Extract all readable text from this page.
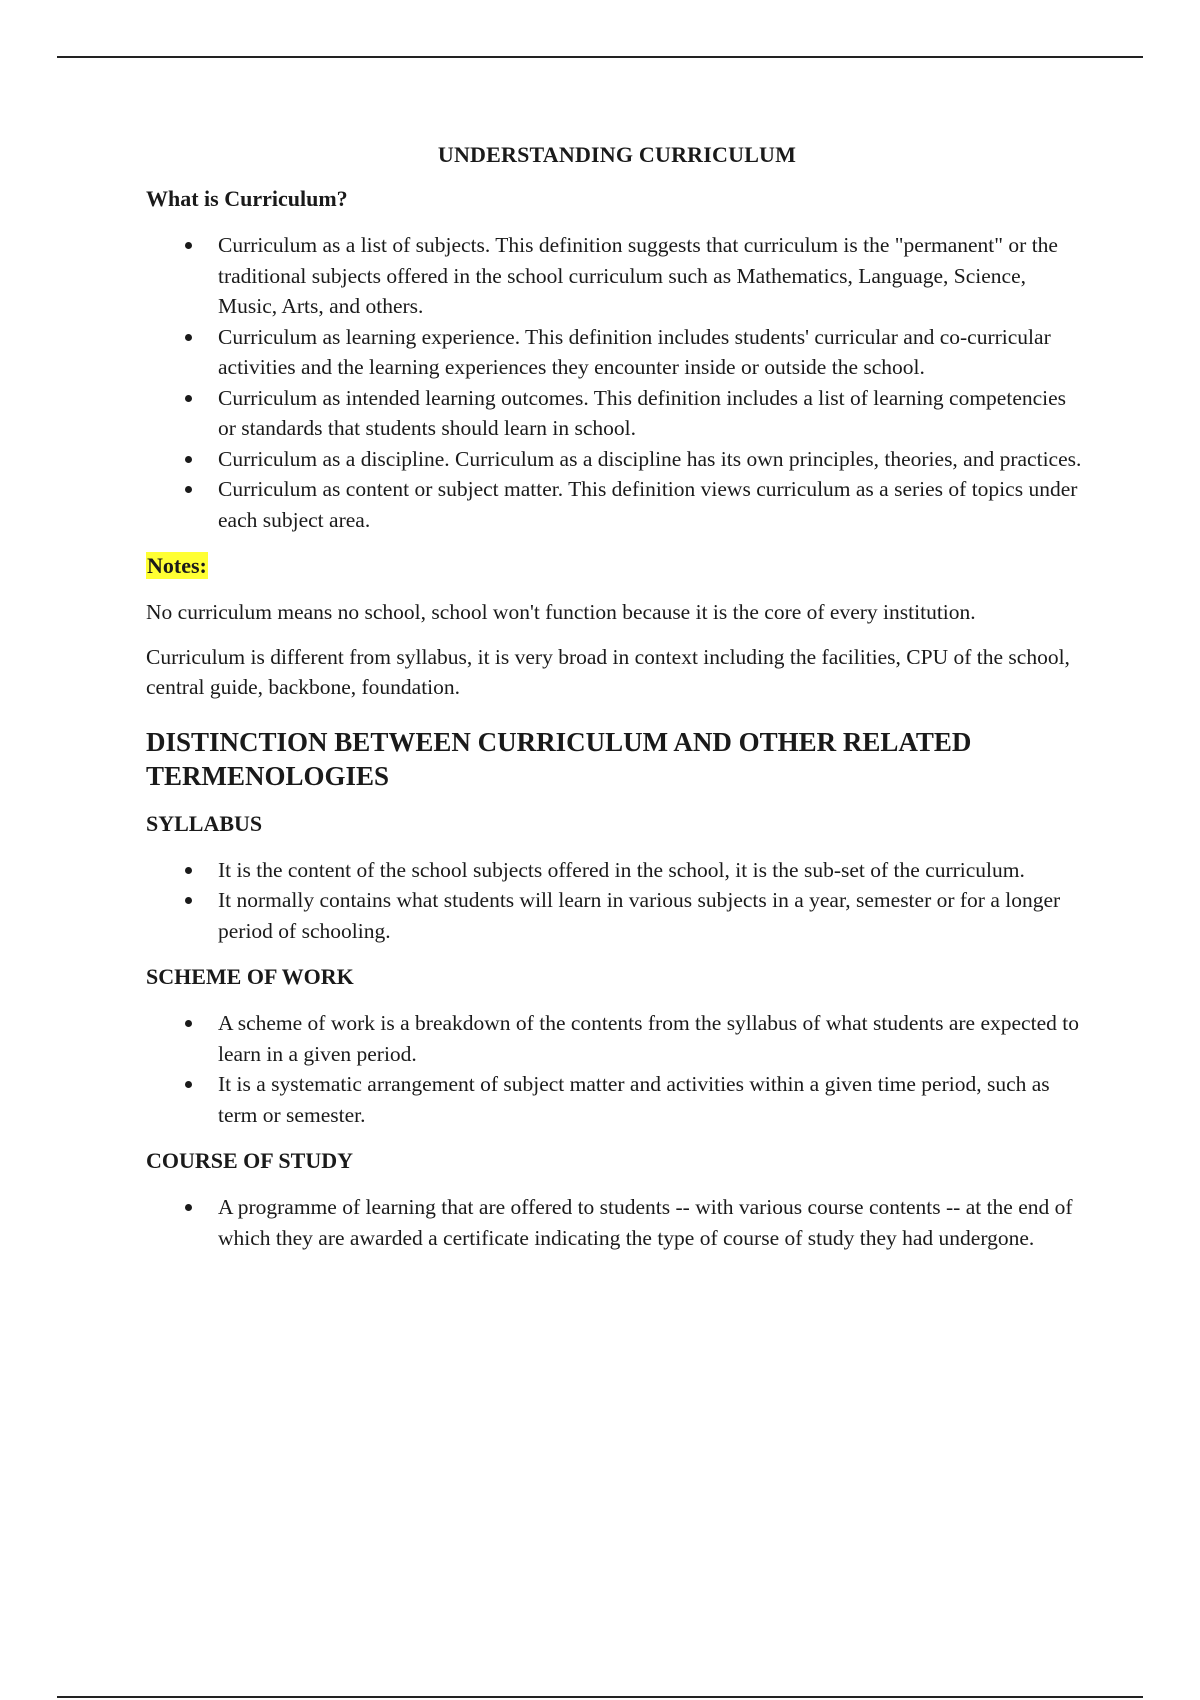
UNDERSTANDING CURRICULUM
What is Curriculum?
Curriculum as a list of subjects. This definition suggests that curriculum is the "permanent" or the traditional subjects offered in the school curriculum such as Mathematics, Language, Science, Music, Arts, and others.
Curriculum as learning experience. This definition includes students' curricular and co-curricular activities and the learning experiences they encounter inside or outside the school.
Curriculum as intended learning outcomes. This definition includes a list of learning competencies or standards that students should learn in school.
Curriculum as a discipline. Curriculum as a discipline has its own principles, theories, and practices.
Curriculum as content or subject matter. This definition views curriculum as a series of topics under each subject area.
Notes:

No curriculum means no school, school won't function because it is the core of every institution.

Curriculum is different from syllabus, it is very broad in context including the facilities, CPU of the school, central guide, backbone, foundation.

DISTINCTION BETWEEN CURRICULUM AND OTHER RELATED TERMENOLOGIES
SYLLABUS
It is the content of the school subjects offered in the school, it is the sub-set of the curriculum.
It normally contains what students will learn in various subjects in a year, semester or for a longer period of schooling.
SCHEME OF WORK
A scheme of work is a breakdown of the contents from the syllabus of what students are expected to learn in a given period.
It is a systematic arrangement of subject matter and activities within a given time period, such as term or semester.
COURSE OF STUDY
A programme of learning that are offered to students -- with various course contents -- at the end of which they are awarded a certificate indicating the type of course of study they had undergone.
